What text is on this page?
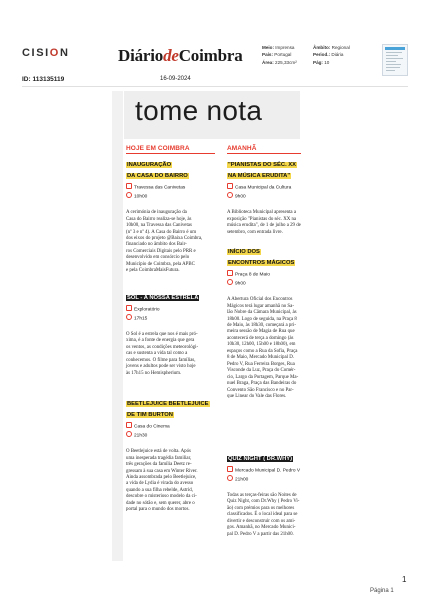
CISION	DiáriodeCoimbra	Meio: Imprensa
País: Portugal
Área: 225,33cm²
Âmbito: Regional
Period.: Diária
Pág: 10
ID: 113135119	16-09-2024
tome nota
HOJE EM COIMBRA
INAUGURAÇÃO
DA CASA DO BAIRRO
Travessa das Canivetas
10h00
A cerimónia de inauguração da
Casa do Bairro realiza-se hoje, às
10h00, na Travessa das Canivetas
(nº 3 e nº 4). A Casa do Bairro é um
dos eixos do projeto @Baixa Coimbra,
financiado no âmbito dos Bair-
ros Comerciais Digitais pelo PRR e
desenvolvido em consórcio pelo
Município de Coimbra, pela APBC
e pela CoimbraMaisFutura.
SOL - A NOSSA ESTRELA
Exploratório
17h15
O Sol é a estrela que nos é mais pró-
xima, é a fonte de energia que gera
os ventos, as condições meteorológi-
cas e sustenta a vida tal como a
conhecemos. O filme para famílias,
jovens e adultos pode ser visto hoje
às 17h15 no Hemispherium.
BEETLEJUICE BEETLEJUICE
DE TIM BURTON
Casa do Cinema
21h30
O Beetlejuice está de volta. Após
uma inesperada tragédia familiar,
três gerações da família Deetz re-
gressam à sua casa em Winter River.
Ainda assombrada pelo Beetlejuice,
a vida de Lydia é virada do avesso
quando a sua filha rebelde, Astrid,
descobre o misterioso modelo da ci-
dade no sótão e, sem querer, abre o
portal para o mundo dos mortos.
AMANHÃ
"PIANISTAS DO SÉC. XX
NA MÚSICA ERUDITA"
Casa Municipal da Cultura
9h00
A Biblioteca Municipal apresenta a
exposição "Pianistas do séc. XX na
música erudita", de 1 de julho a 29 de
setembro, com entrada livre.
INÍCIO DOS
ENCONTROS MÁGICOS
Praça 8 de Maio
9h00
A Abertura Oficial dos Encontros
Mágicos terá lugar amanhã no Sa-
lão Nobre da Câmara Municipal, às
18h00. Logo de seguida, na Praça 8
de Maio, às 18h30, começará a pri-
meira sessão de Magia de Rua que
acontecerá de terça a domingo (às
10h30, 12h00, 15h00 e 18h00), em
espaços como a Rua da Sofia, Praça
8 de Maio, Mercado Municipal D.
Pedro V, Rua Ferreira Borges, Rua
Visconde da Luz, Praça do Comér-
cio, Largo da Portagem, Parque Ma-
nuel Braga, Praça das Bandeiras do
Convento São Francisco e no Par-
que Linear do Vale das Flores.
QUIZ NIGHT ( DR.WHY)
Mercado Municipal D. Pedro V
21h00
Todas as terças-feiras são Noites de
Quiz Night, com Dr.Why ( Pedro Vi-
ão) com prémios para os melhores
classificados. É o local ideal para se
divertir e desconstruir com os ami-
gos. Amanhã, no Mercado Munici-
pal D. Pedro V a partir das 21h00.
1
Página 1
